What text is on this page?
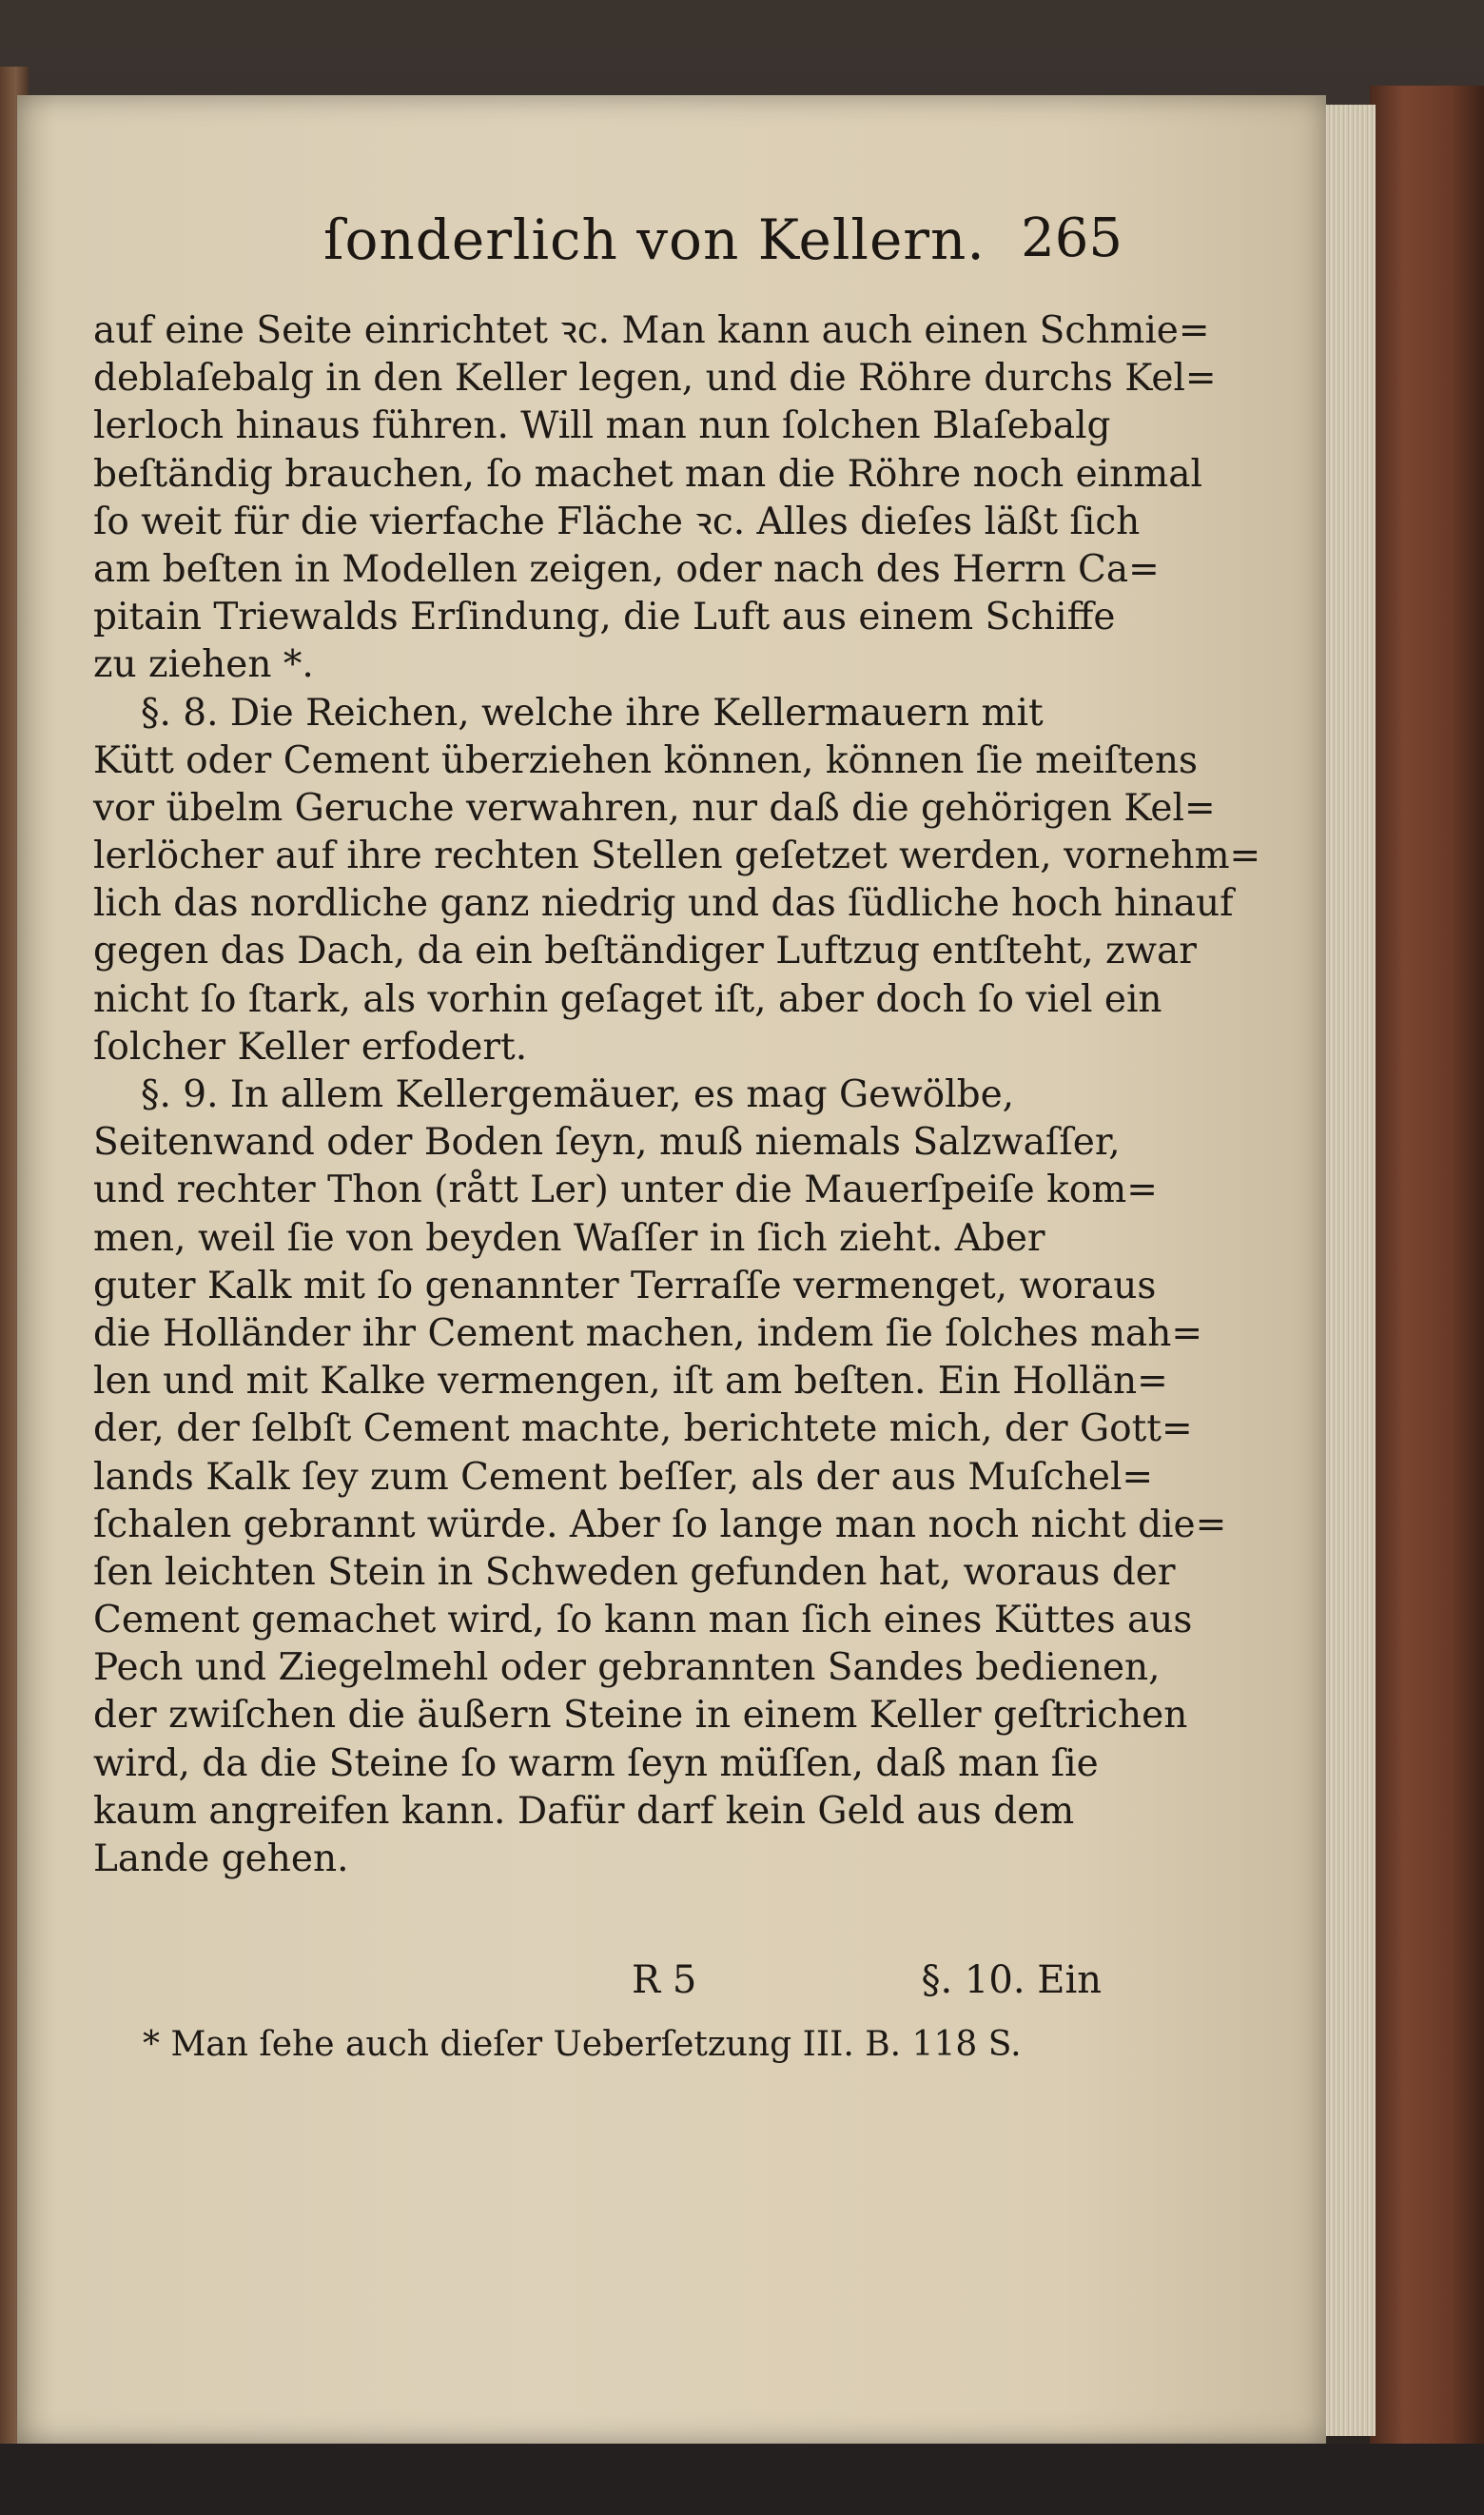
ſonderlich von Kellern. 265
auf eine Seite einrichtet ꝛc. Man kann auch einen Schmie=
deblaſebalg in den Keller legen, und die Röhre durchs Kel=
lerloch hinaus führen. Will man nun ſolchen Blaſebalg
beſtändig brauchen, ſo machet man die Röhre noch einmal
ſo weit für die vierfache Fläche ꝛc. Alles dieſes läßt ſich
am beſten in Modellen zeigen, oder nach des Herrn Ca=
pitain Triewalds Erſindung, die Luft aus einem Schiffe
zu ziehen *.
§. 8. Die Reichen, welche ihre Kellermauern mit
Kütt oder Cement überziehen können, können ſie meiſtens
vor übelm Geruche verwahren, nur daß die gehörigen Kel=
lerlöcher auf ihre rechten Stellen geſetzet werden, vornehm=
lich das nordliche ganz niedrig und das ſüdliche hoch hinauf
gegen das Dach, da ein beſtändiger Luftzug entſteht, zwar
nicht ſo ſtark, als vorhin geſaget iſt, aber doch ſo viel ein
ſolcher Keller erfodert.
§. 9. In allem Kellergemäuer, es mag Gewölbe,
Seitenwand oder Boden ſeyn, muß niemals Salzwaſſer,
und rechter Thon (rått Ler) unter die Mauerſpeiſe kom=
men, weil ſie von beyden Waſſer in ſich zieht. Aber
guter Kalk mit ſo genannter Terraſſe vermenget, woraus
die Holländer ihr Cement machen, indem ſie ſolches mah=
len und mit Kalke vermengen, iſt am beſten. Ein Hollän=
der, der ſelbſt Cement machte, berichtete mich, der Gott=
lands Kalk ſey zum Cement beſſer, als der aus Muſchel=
ſchalen gebrannt würde. Aber ſo lange man noch nicht die=
ſen leichten Stein in Schweden gefunden hat, woraus der
Cement gemachet wird, ſo kann man ſich eines Küttes aus
Pech und Ziegelmehl oder gebrannten Sandes bedienen,
der zwiſchen die äußern Steine in einem Keller geſtrichen
wird, da die Steine ſo warm ſeyn müſſen, daß man ſie
kaum angreifen kann. Dafür darf kein Geld aus dem
Lande gehen.
R 5	§. 10. Ein
* Man ſehe auch dieſer Ueberſetzung III. B. 118 S.
